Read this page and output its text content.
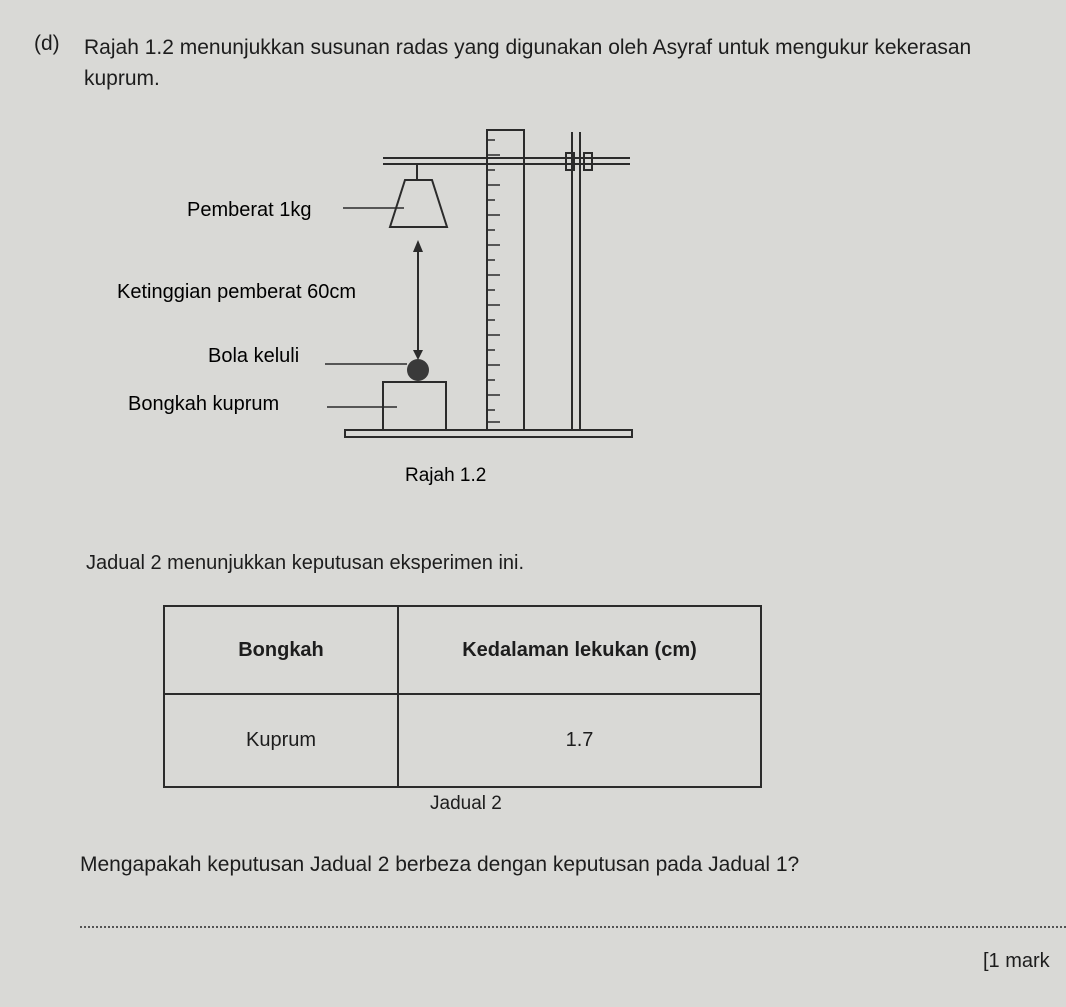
(d) Rajah 1.2 menunjukkan susunan radas yang digunakan oleh Asyraf untuk mengukur kekerasan kuprum.
Pemberat 1kg
Ketinggian pemberat 60cm
Bola keluli
Bongkah kuprum
Rajah 1.2
Jadual 2 menunjukkan keputusan eksperimen ini.
Bongkah	Kedalaman lekukan (cm)
Kuprum	1.7
Jadual 2
Mengapakah keputusan Jadual 2 berbeza dengan keputusan pada Jadual 1?
[1 mark
